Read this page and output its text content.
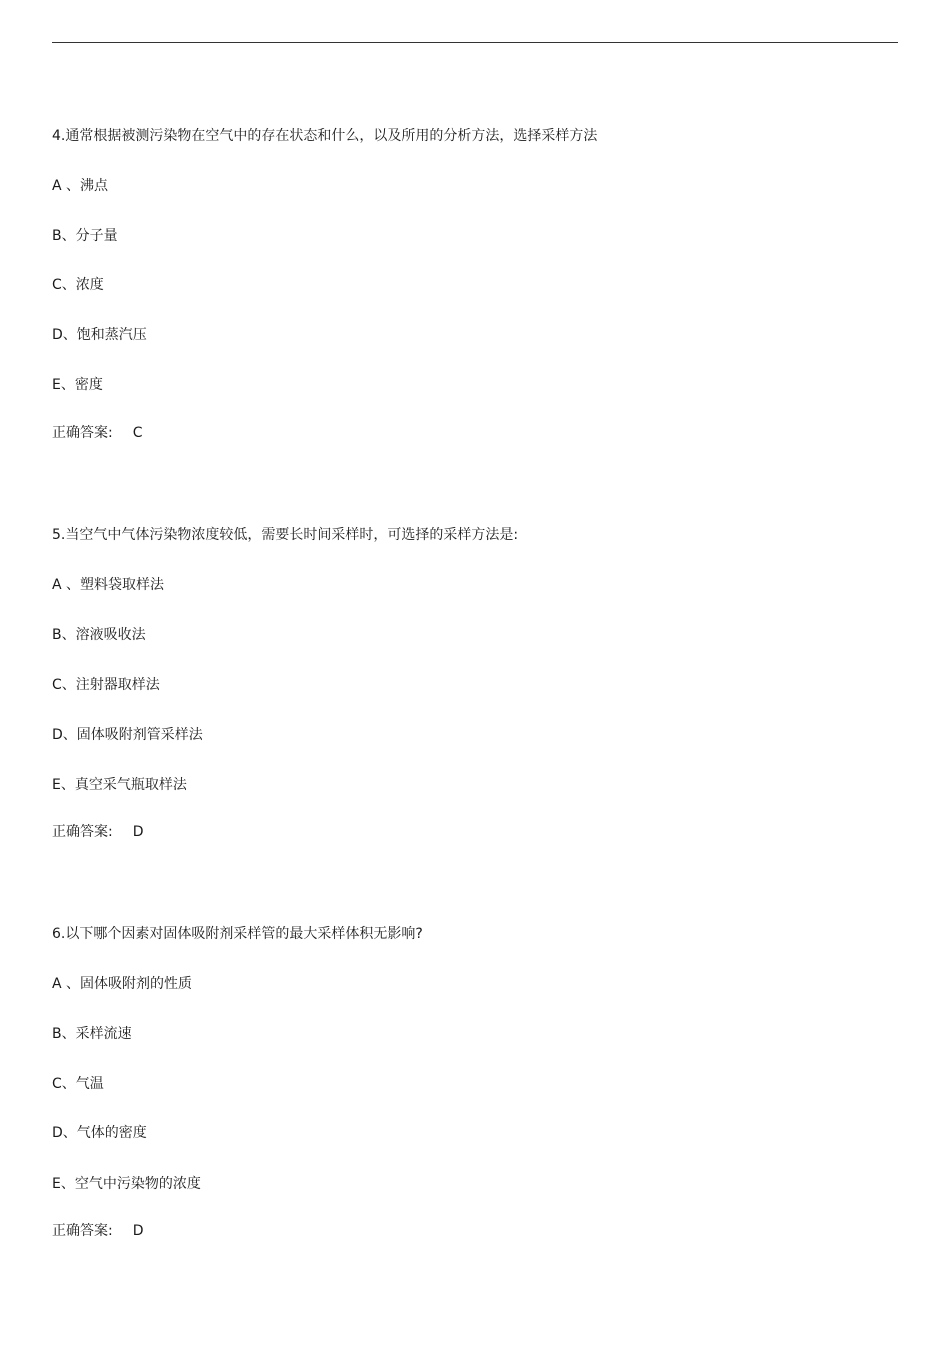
4.通常根据被测污染物在空气中的存在状态和什么，以及所用的分析方法，选择采样方法
A 、沸点
B、分子量
C、浓度
D、饱和蒸汽压
E、密度
正确答案: C
5.当空气中气体污染物浓度较低，需要长时间采样时，可选择的采样方法是:
A 、塑料袋取样法
B、溶液吸收法
C、注射器取样法
D、固体吸附剂管采样法
E、真空采气瓶取样法
正确答案: D
6.以下哪个因素对固体吸附剂采样管的最大采样体积无影响?
A 、固体吸附剂的性质
B、采样流速
C、气温
D、气体的密度
E、空气中污染物的浓度
正确答案: D
